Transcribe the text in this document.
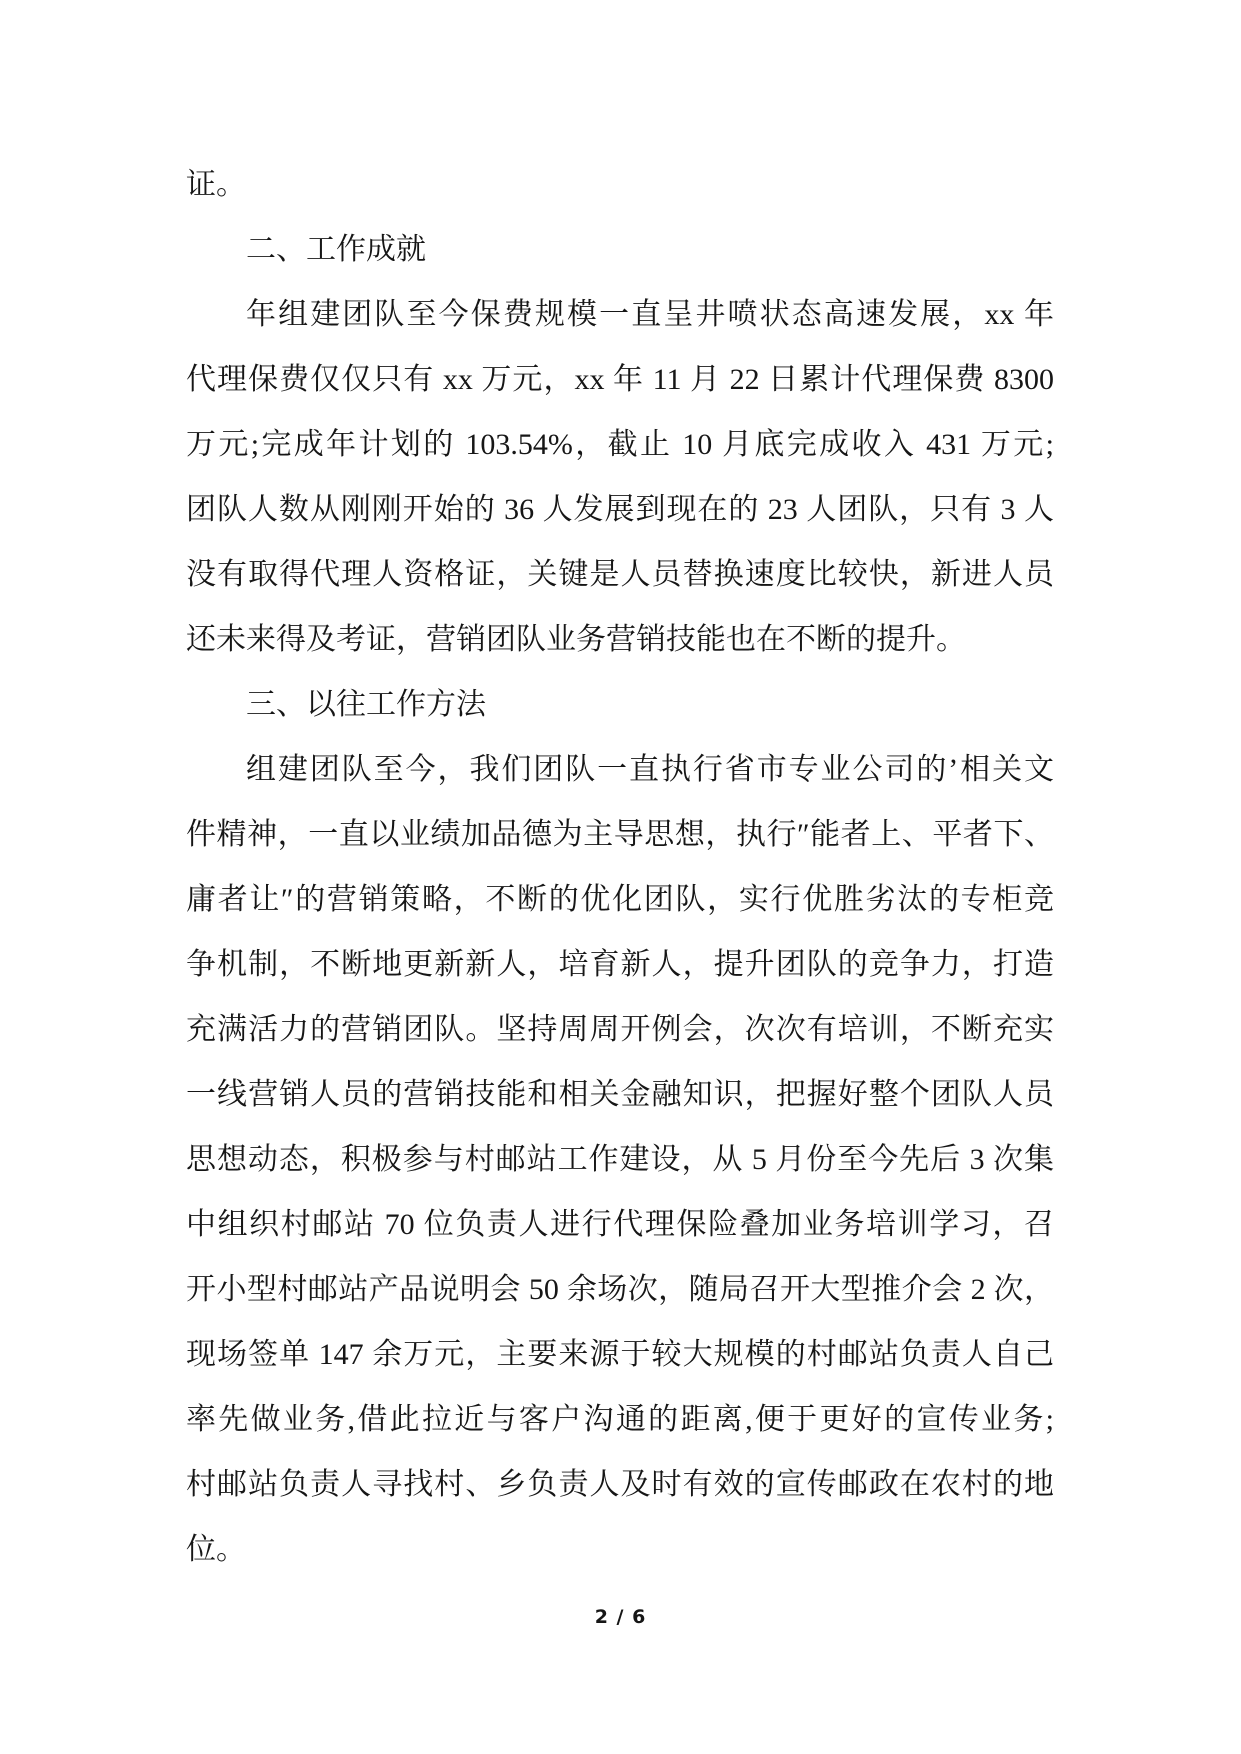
证。
二、工作成就
年组建团队至今保费规模一直呈井喷状态高速发展，xx 年
代理保费仅仅只有 xx 万元，xx 年 11 月 22 日累计代理保费 8300
万元;完成年计划的 103.54%，截止 10 月底完成收入 431 万元;
团队人数从刚刚开始的 36 人发展到现在的 23 人团队，只有 3 人
没有取得代理人资格证，关键是人员替换速度比较快，新进人员
还未来得及考证，营销团队业务营销技能也在不断的提升。
三、以往工作方法
组建团队至今，我们团队一直执行省市专业公司的’相关文
件精神，一直以业绩加品德为主导思想，执行″能者上、平者下、
庸者让″的营销策略，不断的优化团队，实行优胜劣汰的专柜竞
争机制，不断地更新新人，培育新人，提升团队的竞争力，打造
充满活力的营销团队。坚持周周开例会，次次有培训，不断充实
一线营销人员的营销技能和相关金融知识，把握好整个团队人员
思想动态，积极参与村邮站工作建设，从 5 月份至今先后 3 次集
中组织村邮站 70 位负责人进行代理保险叠加业务培训学习，召
开小型村邮站产品说明会 50 余场次，随局召开大型推介会 2 次，
现场签单 147 余万元，主要来源于较大规模的村邮站负责人自己
率先做业务,借此拉近与客户沟通的距离,便于更好的宣传业务;
村邮站负责人寻找村、乡负责人及时有效的宣传邮政在农村的地
位。
2 / 6
